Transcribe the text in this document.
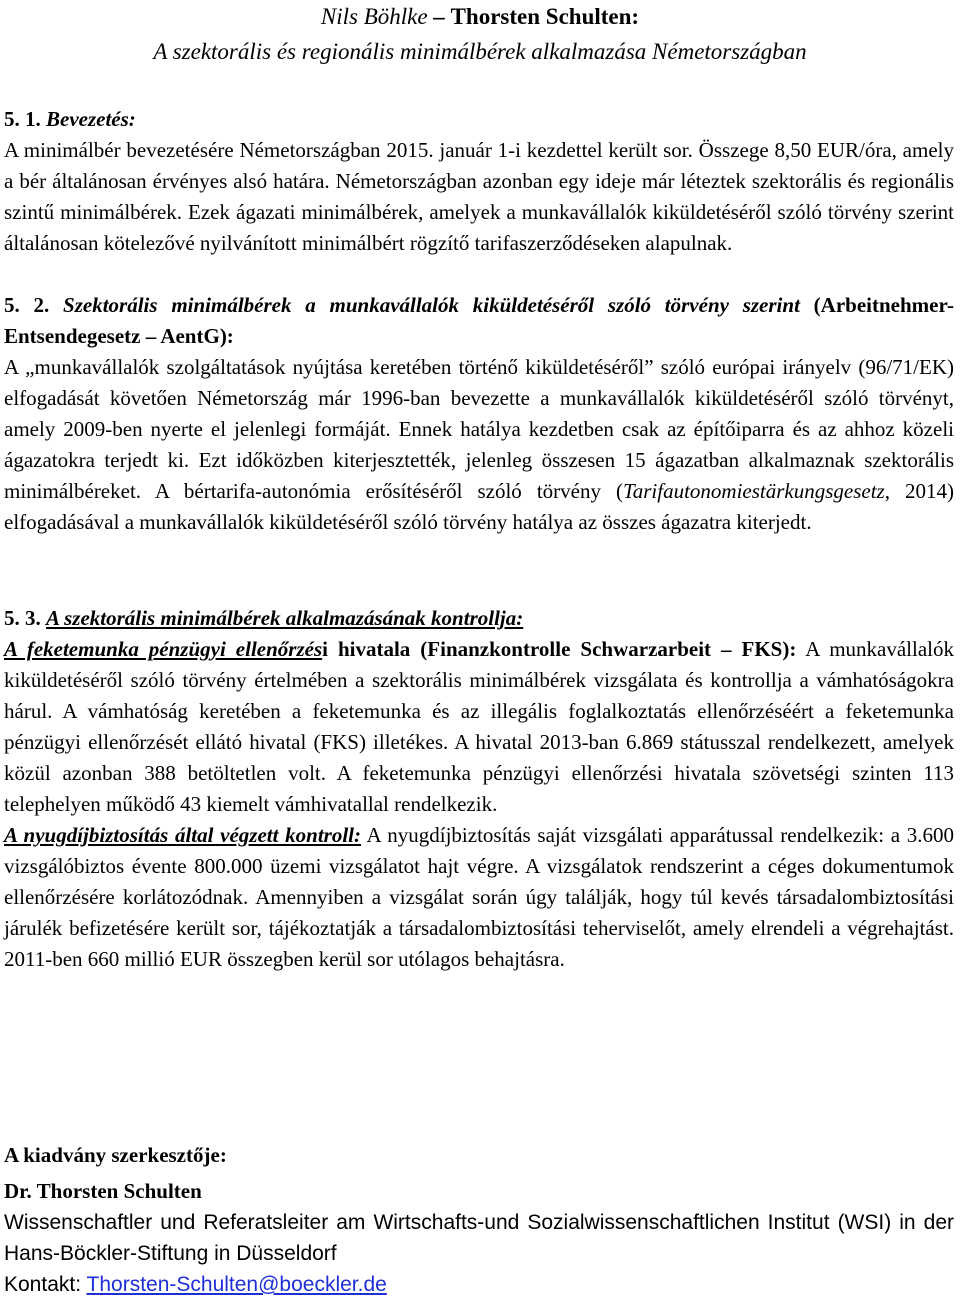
Nils Böhlke – Thorsten Schulten:
A szektorális és regionális minimálbérek alkalmazása Németországban

5. 1. Bevezetés:
A minimálbér bevezetésére Németországban 2015. január 1-i kezdettel került sor. Összege 8,50 EUR/óra, amely a bér általánosan érvényes alsó határa. Németországban azonban egy ideje már léteztek szektorális és regionális szintű minimálbérek. Ezek ágazati minimálbérek, amelyek a munkavállalók kiküldetéséről szóló törvény szerint általánosan kötelezővé nyilvánított minimálbért rögzítő tarifaszerződéseken alapulnak.

5. 2. Szektorális minimálbérek a munkavállalók kiküldetéséről szóló törvény szerint (Arbeitnehmer-Entsendegesetz – AentG):
A „munkavállalók szolgáltatások nyújtása keretében történő kiküldetéséről” szóló európai irányelv (96/71/EK) elfogadását követően Németország már 1996-ban bevezette a munkavállalók kiküldetéséről szóló törvényt, amely 2009-ben nyerte el jelenlegi formáját. Ennek hatálya kezdetben csak az építőiparra és az ahhoz közeli ágazatokra terjedt ki. Ezt időközben kiterjesztették, jelenleg összesen 15 ágazatban alkalmaznak szektorális minimálbéreket. A bértarifa-autonómia erősítéséről szóló törvény (Tarifautonomiestärkungsgesetz, 2014) elfogadásával a munkavállalók kiküldetéséről szóló törvény hatálya az összes ágazatra kiterjedt.

5. 3. A szektorális minimálbérek alkalmazásának kontrollja:

A feketemunka pénzügyi ellenőrzési hivatala (Finanzkontrolle Schwarzarbeit – FKS): A munkavállalók kiküldetéséről szóló törvény értelmében a szektorális minimálbérek vizsgálata és kontrollja a vámhatóságokra hárul. A vámhatóság keretében a feketemunka és az illegális foglalkoztatás ellenőrzéséért a feketemunka pénzügyi ellenőrzését ellátó hivatal (FKS) illetékes. A hivatal 2013-ban 6.869 státusszal rendelkezett, amelyek közül azonban 388 betöltetlen volt. A feketemunka pénzügyi ellenőrzési hivatala szövetségi szinten 113 telephelyen működő 43 kiemelt vámhivatallal rendelkezik.

A nyugdíjbiztosítás által végzett kontroll: A nyugdíjbiztosítás saját vizsgálati apparátussal rendelkezik: a 3.600 vizsgálóbiztos évente 800.000 üzemi vizsgálatot hajt végre. A vizsgálatok rendszerint a céges dokumentumok ellenőrzésére korlátozódnak. Amennyiben a vizsgálat során úgy találják, hogy túl kevés társadalombiztosítási járulék befizetésére került sor, tájékoztatják a társadalombiztosítási teherviselőt, amely elrendeli a végrehajtást. 2011-ben 660 millió EUR összegben kerül sor utólagos behajtásra.

A kiadvány szerkesztője:

Dr. Thorsten Schulten

Wissenschaftler und Referatsleiter am Wirtschafts-und Sozialwissenschaftlichen Institut (WSI) in der Hans-Böckler-Stiftung in Düsseldorf

Kontakt: Thorsten-Schulten@boeckler.de
